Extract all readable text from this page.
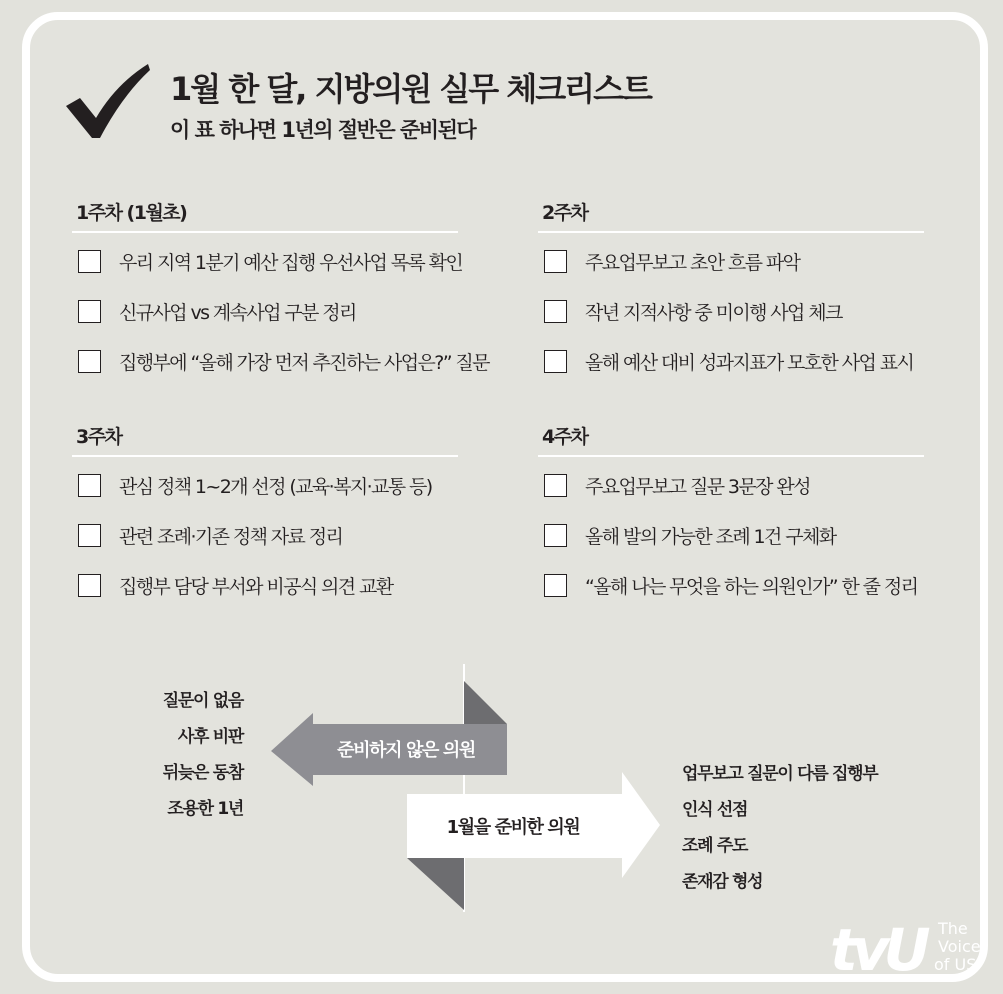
1월 한 달, 지방의원 실무 체크리스트
이 표 하나면 1년의 절반은 준비된다
1주차 (1월초)
우리 지역 1분기 예산 집행 우선사업 목록 확인
신규사업 vs 계속사업 구분 정리
집행부에 “올해 가장 먼저 추진하는 사업은?” 질문
2주차
주요업무보고 초안 흐름 파악
작년 지적사항 중 미이행 사업 체크
올해 예산 대비 성과지표가 모호한 사업 표시
3주차
관심 정책 1~2개 선정 (교육·복지·교통 등)
관련 조례·기존 정책 자료 정리
집행부 담당 부서와 비공식 의견 교환
4주차
주요업무보고 질문 3문장 완성
올해 발의 가능한 조례 1건 구체화
“올해 나는 무엇을 하는 의원인가” 한 줄 정리
준비하지 않은 의원
1월을 준비한 의원
질문이 없음
사후 비판
뒤늦은 동참
조용한 1년
업무보고 질문이 다름 집행부
인식 선점
조례 주도
존재감 형성
tvU The
Voice
of US
